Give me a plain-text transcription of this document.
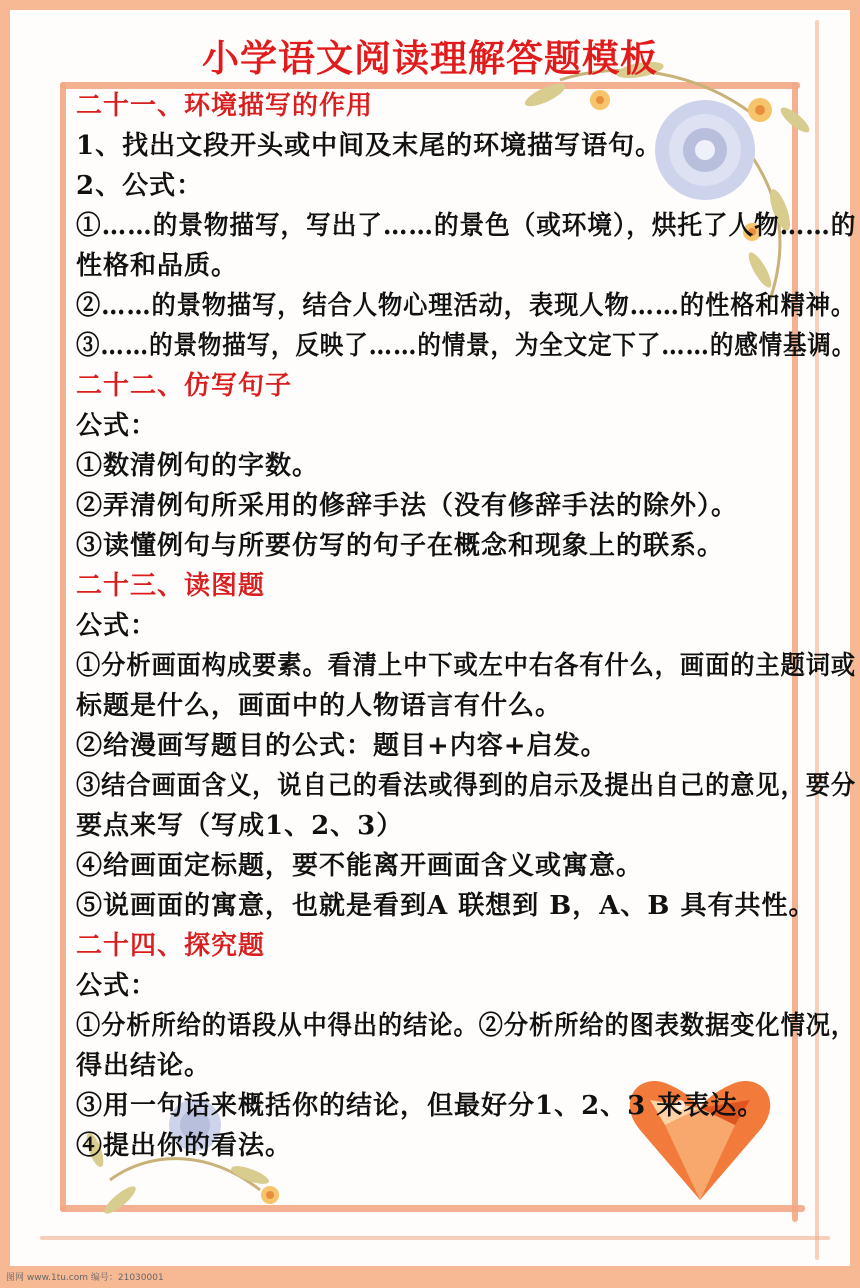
小学语文阅读理解答题模板
二十一、环境描写的作用
1、找出文段开头或中间及末尾的环境描写语句。
2、公式：
①……的景物描写，写出了……的景色（或环境），烘托了人物……的
性格和品质。
②……的景物描写，结合人物心理活动，表现人物……的性格和精神。
③……的景物描写，反映了……的情景，为全文定下了……的感情基调。
二十二、仿写句子
公式：
①数清例句的字数。
②弄清例句所采用的修辞手法（没有修辞手法的除外）。
③读懂例句与所要仿写的句子在概念和现象上的联系。
二十三、读图题
公式：
①分析画面构成要素。看清上中下或左中右各有什么，画面的主题词或
标题是什么，画面中的人物语言有什么。
②给漫画写题目的公式：题目+内容+启发。
③结合画面含义，说自己的看法或得到的启示及提出自己的意见，要分
要点来写（写成1、2、3）
④给画面定标题，要不能离开画面含义或寓意。
⑤说画面的寓意，也就是看到A 联想到 B，A、B 具有共性。
二十四、探究题
公式：
①分析所给的语段从中得出的结论。②分析所给的图表数据变化情况，
得出结论。
③用一句话来概括你的结论，但最好分1、2、3 来表达。
④提出你的看法。
图网 www.1tu.com 编号：21030001
